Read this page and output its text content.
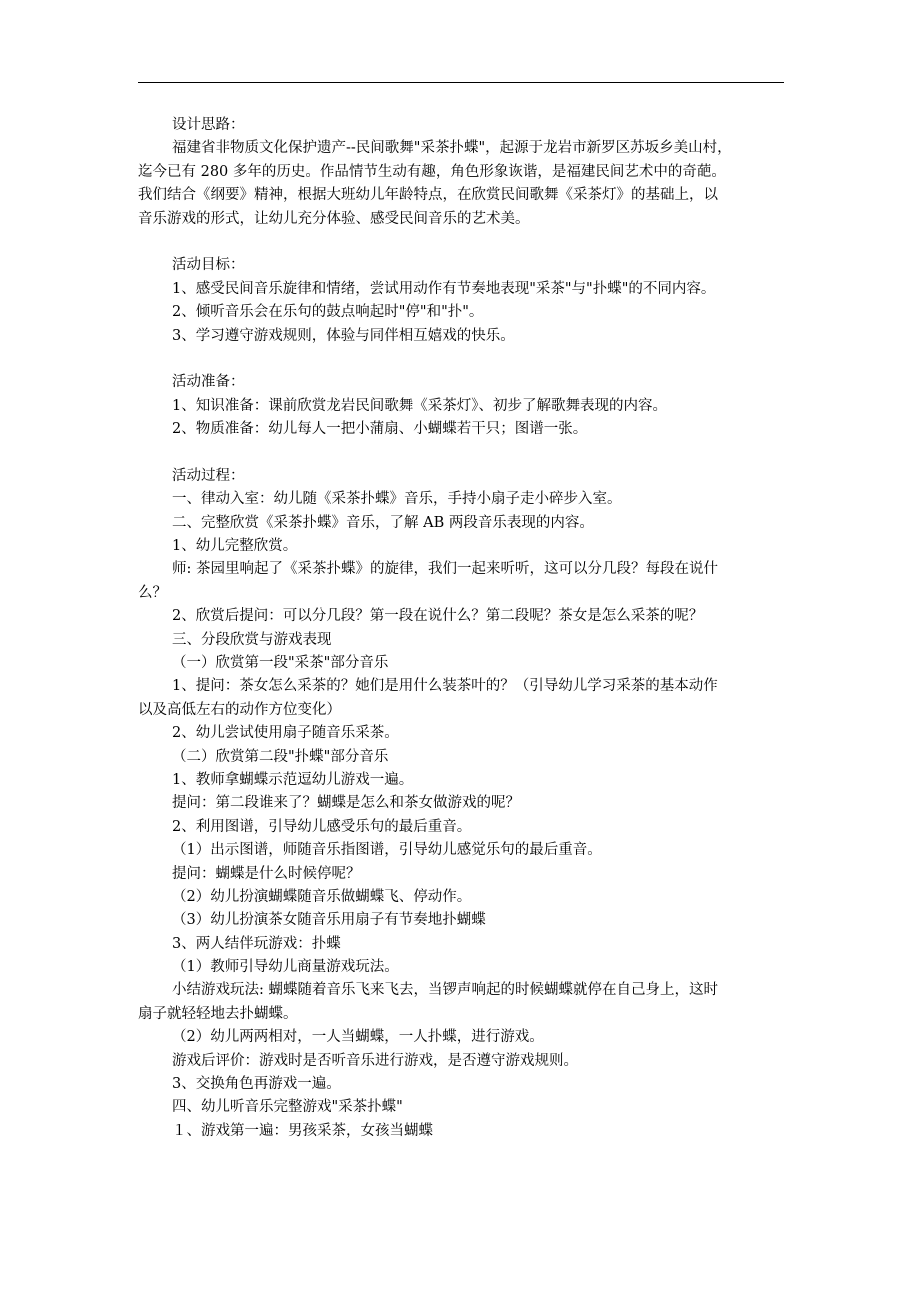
设计思路：
福建省非物质文化保护遗产--民间歌舞"采茶扑蝶"，起源于龙岩市新罗区苏坂乡美山村，
迄今已有 280 多年的历史。作品情节生动有趣，角色形象诙谐，是福建民间艺术中的奇葩。
我们结合《纲要》精神，根据大班幼儿年龄特点，在欣赏民间歌舞《采茶灯》的基础上，以
音乐游戏的形式，让幼儿充分体验、感受民间音乐的艺术美。
活动目标：
1、感受民间音乐旋律和情绪，尝试用动作有节奏地表现"采茶"与"扑蝶"的不同内容。
2、倾听音乐会在乐句的鼓点响起时"停"和"扑"。
3、学习遵守游戏规则，体验与同伴相互嬉戏的快乐。
活动准备：
1、知识准备：课前欣赏龙岩民间歌舞《采茶灯》、初步了解歌舞表现的内容。
2、物质准备：幼儿每人一把小蒲扇、小蝴蝶若干只；图谱一张。
活动过程：
一、律动入室：幼儿随《采茶扑蝶》音乐，手持小扇子走小碎步入室。
二、完整欣赏《采茶扑蝶》音乐，了解 AB 两段音乐表现的内容。
1、幼儿完整欣赏。
师: 茶园里响起了《采茶扑蝶》的旋律，我们一起来听听，这可以分几段？每段在说什
么？
2、欣赏后提问：可以分几段？第一段在说什么？第二段呢？茶女是怎么采茶的呢？
三、分段欣赏与游戏表现
（一）欣赏第一段"采茶"部分音乐
1、提问：茶女怎么采茶的？她们是用什么装茶叶的？（引导幼儿学习采茶的基本动作
以及高低左右的动作方位变化）
2、幼儿尝试使用扇子随音乐采茶。
（二）欣赏第二段"扑蝶"部分音乐
1、教师拿蝴蝶示范逗幼儿游戏一遍。
提问：第二段谁来了？蝴蝶是怎么和茶女做游戏的呢？
2、利用图谱，引导幼儿感受乐句的最后重音。
（1）出示图谱，师随音乐指图谱，引导幼儿感觉乐句的最后重音。
提问：蝴蝶是什么时候停呢？
（2）幼儿扮演蝴蝶随音乐做蝴蝶飞、停动作。
（3）幼儿扮演茶女随音乐用扇子有节奏地扑蝴蝶
3、两人结伴玩游戏：扑蝶
（1）教师引导幼儿商量游戏玩法。
小结游戏玩法: 蝴蝶随着音乐飞来飞去，当锣声响起的时候蝴蝶就停在自己身上，这时
扇子就轻轻地去扑蝴蝶。
（2）幼儿两两相对，一人当蝴蝶，一人扑蝶，进行游戏。
游戏后评价：游戏时是否听音乐进行游戏，是否遵守游戏规则。
3、交换角色再游戏一遍。
四、幼儿听音乐完整游戏"采茶扑蝶"
１、游戏第一遍：男孩采茶，女孩当蝴蝶
